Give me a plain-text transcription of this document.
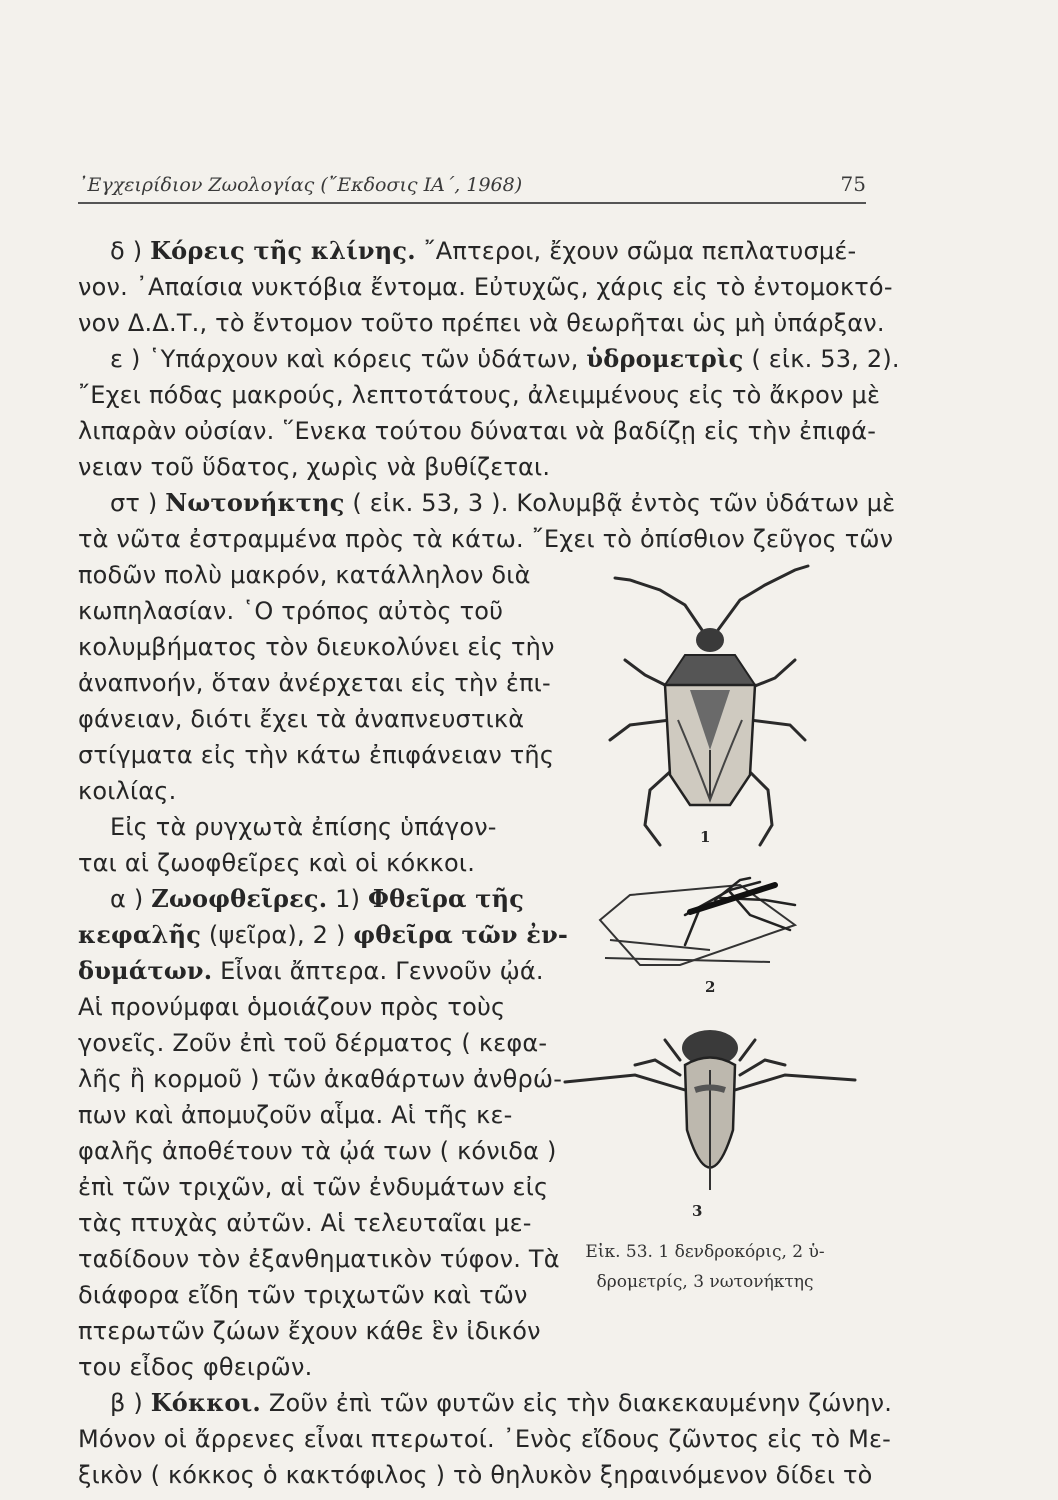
᾿Εγχειρίδιον Ζωολογίας (῎Εκδοσις ΙΑ΄, 1968)	75
δ ) Κόρεις τῆς κλίνης. ῎Απτεροι, ἔχουν σῶμα πεπλατυσμέ-
νον. ᾿Απαίσια νυκτόβια ἔντομα. Εὐτυχῶς, χάρις εἰς τὸ ἐντομοκτό-
νον Δ.Δ.Τ., τὸ ἔντομον τοῦτο πρέπει νὰ θεωρῆται ὡς μὴ ὑπάρξαν.
ε ) ῾Υπάρχουν καὶ κόρεις τῶν ὑδάτων, ὑδρομετρὶς ( εἰκ. 53, 2).
῎Εχει πόδας μακρούς, λεπτοτάτους, ἀλειμμένους εἰς τὸ ἄκρον μὲ
λιπαρὰν οὐσίαν. ῞Ενεκα τούτου δύναται νὰ βαδίζῃ εἰς τὴν ἐπιφά-
νειαν τοῦ ὕδατος, χωρὶς νὰ βυθίζεται.
στ ) Νωτονήκτης ( εἰκ. 53, 3 ). Κολυμβᾷ ἐντὸς τῶν ὑδάτων μὲ
τὰ νῶτα ἐστραμμένα πρὸς τὰ κάτω. ῎Εχει τὸ ὀπίσθιον ζεῦγος τῶν
ποδῶν πολὺ μακρόν, κατάλληλον διὰ
κωπηλασίαν. ῾Ο τρόπος αὐτὸς τοῦ
κολυμβήματος τὸν διευκολύνει εἰς τὴν
ἀναπνοήν, ὅταν ἀνέρχεται εἰς τὴν ἐπι-
φάνειαν, διότι ἔχει τὰ ἀναπνευστικὰ
στίγματα εἰς τὴν κάτω ἐπιφάνειαν τῆς
κοιλίας.
Εἰς τὰ ρυγχωτὰ ἐπίσης ὑπάγον-
ται αἱ ζωοφθεῖρες καὶ οἱ κόκκοι.
α ) Ζωοφθεῖρες. 1) Φθεῖρα τῆς
κεφαλῆς (ψεῖρα), 2 ) φθεῖρα τῶν ἐν-
δυμάτων. Εἶναι ἄπτερα. Γεννοῦν ᾠά.
Αἱ προνύμφαι ὁμοιάζουν πρὸς τοὺς
γονεῖς. Ζοῦν ἐπὶ τοῦ δέρματος ( κεφα-
λῆς ἢ κορμοῦ ) τῶν ἀκαθάρτων ἀνθρώ-
πων καὶ ἀπομυζοῦν αἷμα. Αἱ τῆς κε-
φαλῆς ἀποθέτουν τὰ ᾠά των ( κόνιδα )
ἐπὶ τῶν τριχῶν, αἱ τῶν ἐνδυμάτων εἰς
τὰς πτυχὰς αὐτῶν. Αἱ τελευταῖαι με-
ταδίδουν τὸν ἐξανθηματικὸν τύφον. Τὰ
διάφορα εἴδη τῶν τριχωτῶν καὶ τῶν
πτερωτῶν ζώων ἔχουν κάθε ἓν ἰδικόν
του εἶδος φθειρῶν.
β ) Κόκκοι. Ζοῦν ἐπὶ τῶν φυτῶν εἰς τὴν διακεκαυμένην ζώνην.
Μόνον οἱ ἄρρενες εἶναι πτερωτοί. ᾿Ενὸς εἴδους ζῶντος εἰς τὸ Με-
ξικὸν ( κόκκος ὁ κακτόφιλος ) τὸ θηλυκὸν ξηραινόμενον δίδει τὸ
1
2
3
Εἰκ. 53. 1 δενδροκόρις, 2 ὑ-
δρομετρίς, 3 νωτονήκτης
